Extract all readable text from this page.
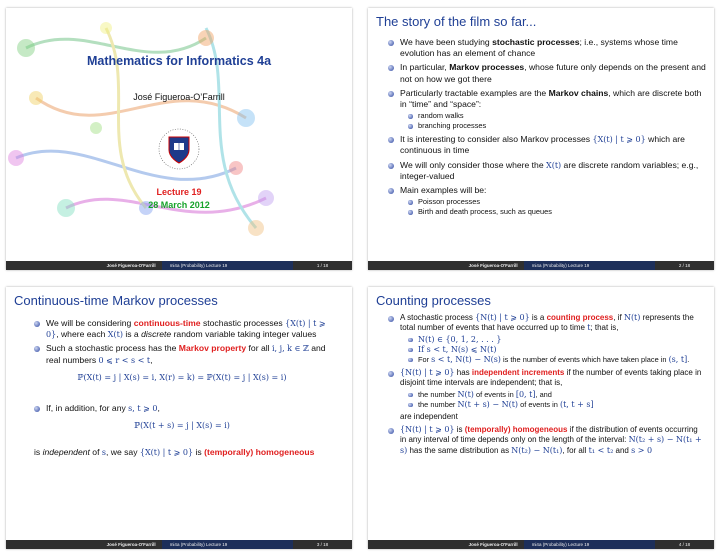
Mathematics for Informatics 4a
José Figueroa-O’Farrill
Lecture 19
28 March 2012
José Figueroa-O'Farrill	mi4a (Probability) Lecture 19	1 / 18
The story of the film so far...
We have been studying stochastic processes; i.e., systems whose time evolution has an element of chance
In particular, Markov processes, whose future only depends on the present and not on how we got there
Particularly tractable examples are the Markov chains, which are discrete both in “time” and “space”:
random walks
branching processes
It is interesting to consider also Markov processes {X(t) | t ⩾ 0} which are continuous in time
We will only consider those where the X(t) are discrete random variables; e.g., integer-valued
Main examples will be:
Poisson processes
Birth and death process, such as queues
José Figueroa-O'Farrill	mi4a (Probability) Lecture 19	2 / 18
Continuous-time Markov processes
We will be considering continuous-time stochastic processes {X(t) | t ⩾ 0}, where each X(t) is a discrete random variable taking integer values
Such a stochastic process has the Markov property for all i, j, k ∈ ℤ and real numbers 0 ⩽ r < s < t,
ℙ(X(t) = j | X(s) = i, X(r) = k) = ℙ(X(t) = j | X(s) = i)
If, in addition, for any s, t ⩾ 0,
ℙ(X(t + s) = j | X(s) = i)
is independent of s, we say {X(t) | t ⩾ 0} is (temporally) homogeneous
José Figueroa-O'Farrill	mi4a (Probability) Lecture 19	3 / 18
Counting processes
A stochastic process {N(t) | t ⩾ 0} is a counting process, if N(t) represents the total number of events that have occurred up to time t; that is,
N(t) ∈ {0, 1, 2, . . . }
If s < t, N(s) ⩽ N(t)
For s < t, N(t) − N(s) is the number of events which have taken place in (s, t].
{N(t) | t ⩾ 0} has independent increments if the number of events taking place in disjoint time intervals are independent; that is,
the number N(t) of events in [0, t], and
the number N(t + s) − N(t) of events in (t, t + s]
are independent
{N(t) | t ⩾ 0} is (temporally) homogeneous if the distribution of events occurring in any interval of time depends only on the length of the interval: N(t₂ + s) − N(t₁ + s) has the same distribution as N(t₂) − N(t₁), for all t₁ < t₂ and s > 0
José Figueroa-O'Farrill	mi4a (Probability) Lecture 19	4 / 18
